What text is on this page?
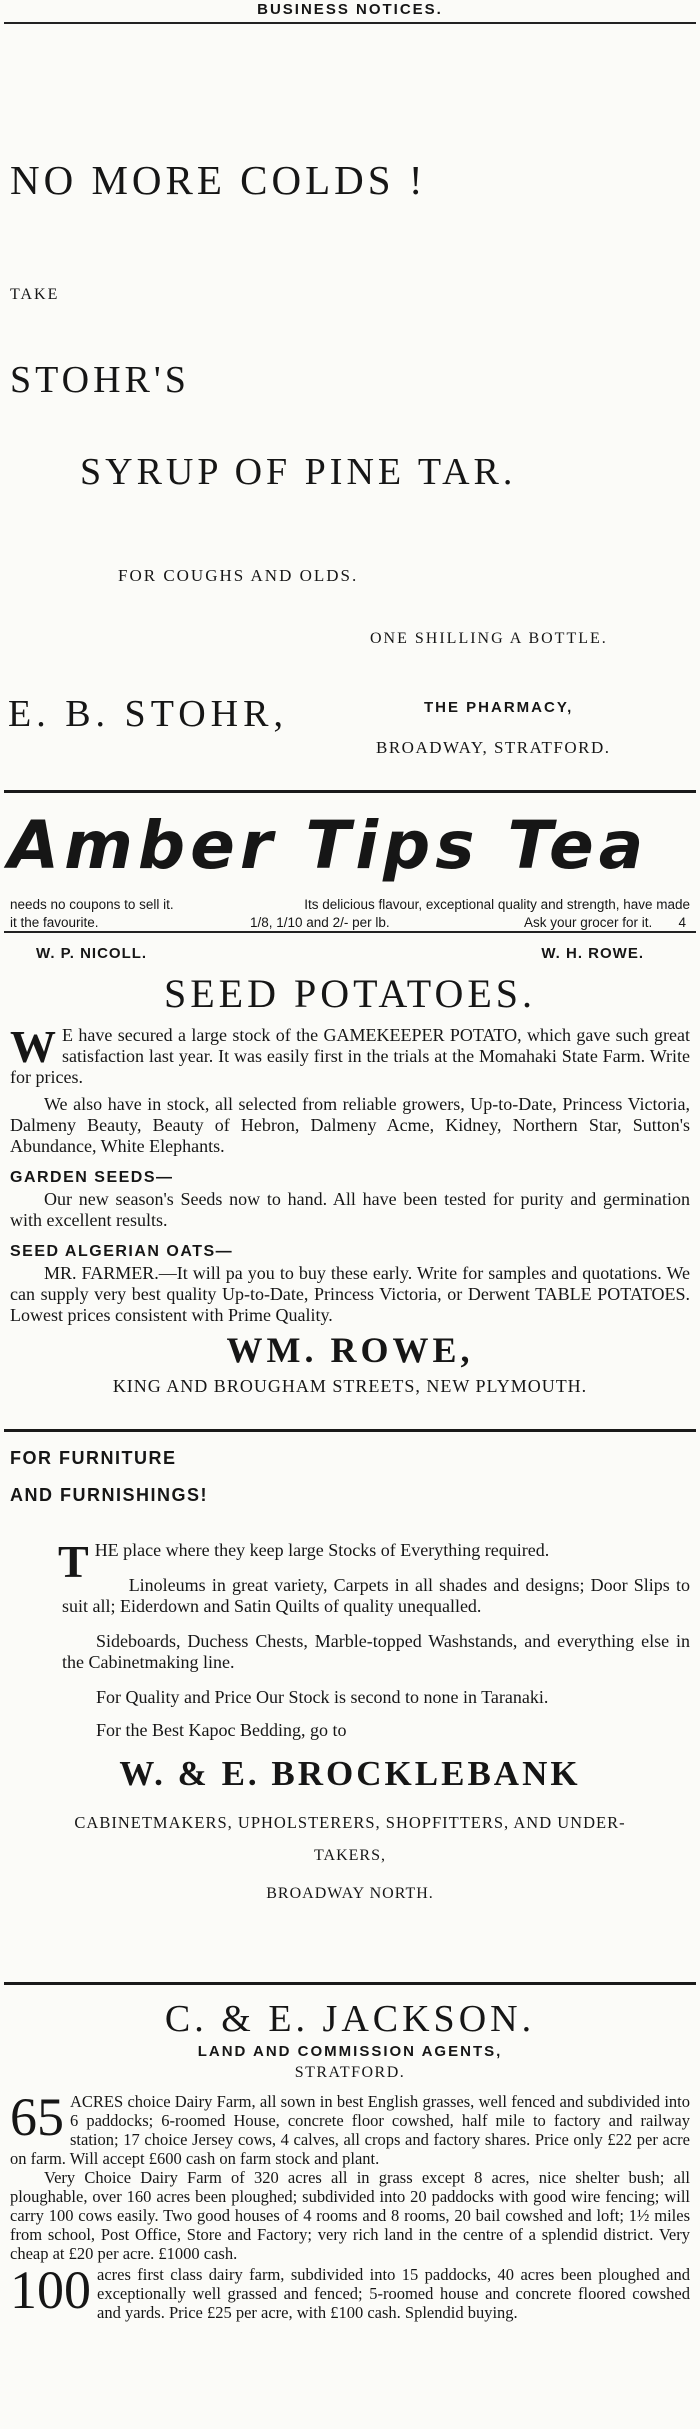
BUSINESS NOTICES.

NO MORE COLDS !

TAKE

STOHR'S

SYRUP OF PINE TAR.

FOR COUGHS AND OLDS.

ONE SHILLING A BOTTLE.

E. B. STOHR,	THE PHARMACY,

BROADWAY, STRATFORD.

Amber Tips Tea

needs no coupons to sell it.	Its delicious flavour, exceptional quality and strength, have made
it the favourite.	1/8, 1/10 and 2/- per lb.	Ask your grocer for it. 4
W. P. NICOLL.	W. H. ROWE.

SEED POTATOES.

W E have secured a large stock of the GAMEKEEPER POTATO, which gave such great satisfaction last year. It was easily first in the trials at the Momahaki State Farm. Write for prices.

We also have in stock, all selected from reliable growers, Up-to-Date, Princess Victoria, Dalmeny Beauty, Beauty of Hebron, Dalmeny Acme, Kidney, Northern Star, Sutton's Abundance, White Elephants.

GARDEN SEEDS—

Our new season's Seeds now to hand. All have been tested for purity and germination with excellent results.

SEED ALGERIAN OATS—

MR. FARMER.—It will pa you to buy these early. Write for samples and quotations. We can supply very best quality Up-to-Date, Princess Victoria, or Derwent TABLE POTATOES. Lowest prices consistent with Prime Quality.

WM. ROWE,

KING AND BROUGHAM STREETS, NEW PLYMOUTH.

FOR FURNITURE

AND FURNISHINGS!

THE place where they keep large Stocks of Everything required.

Linoleums in great variety, Carpets in all shades and designs; Door Slips to suit all; Eiderdown and Satin Quilts of quality unequalled.

Sideboards, Duchess Chests, Marble-topped Washstands, and everything else in the Cabinetmaking line.

For Quality and Price Our Stock is second to none in Taranaki.

For the Best Kapoc Bedding, go to

W. & E. BROCKLEBANK

CABINETMAKERS, UPHOLSTERERS, SHOPFITTERS, AND UNDER-

TAKERS,

BROADWAY NORTH.

C. & E. JACKSON.

LAND AND COMMISSION AGENTS,

STRATFORD.

65 ACRES choice Dairy Farm, all sown in best English grasses, well fenced and subdivided into 6 paddocks; 6-roomed House, concrete floor cowshed, half mile to factory and railway station; 17 choice Jersey cows, 4 calves, all crops and factory shares. Price only £22 per acre on farm. Will accept £600 cash on farm stock and plant.

Very Choice Dairy Farm of 320 acres all in grass except 8 acres, nice shelter bush; all ploughable, over 160 acres been ploughed; subdivided into 20 paddocks with good wire fencing; will carry 100 cows easily. Two good houses of 4 rooms and 8 rooms, 20 bail cowshed and loft; 1½ miles from school, Post Office, Store and Factory; very rich land in the centre of a splendid district. Very cheap at £20 per acre. £1000 cash.

100 acres first class dairy farm, subdivided into 15 paddocks, 40 acres been ploughed and exceptionally well grassed and fenced; 5-roomed house and concrete floored cowshed and yards. Price £25 per acre, with £100 cash. Splendid buying.
